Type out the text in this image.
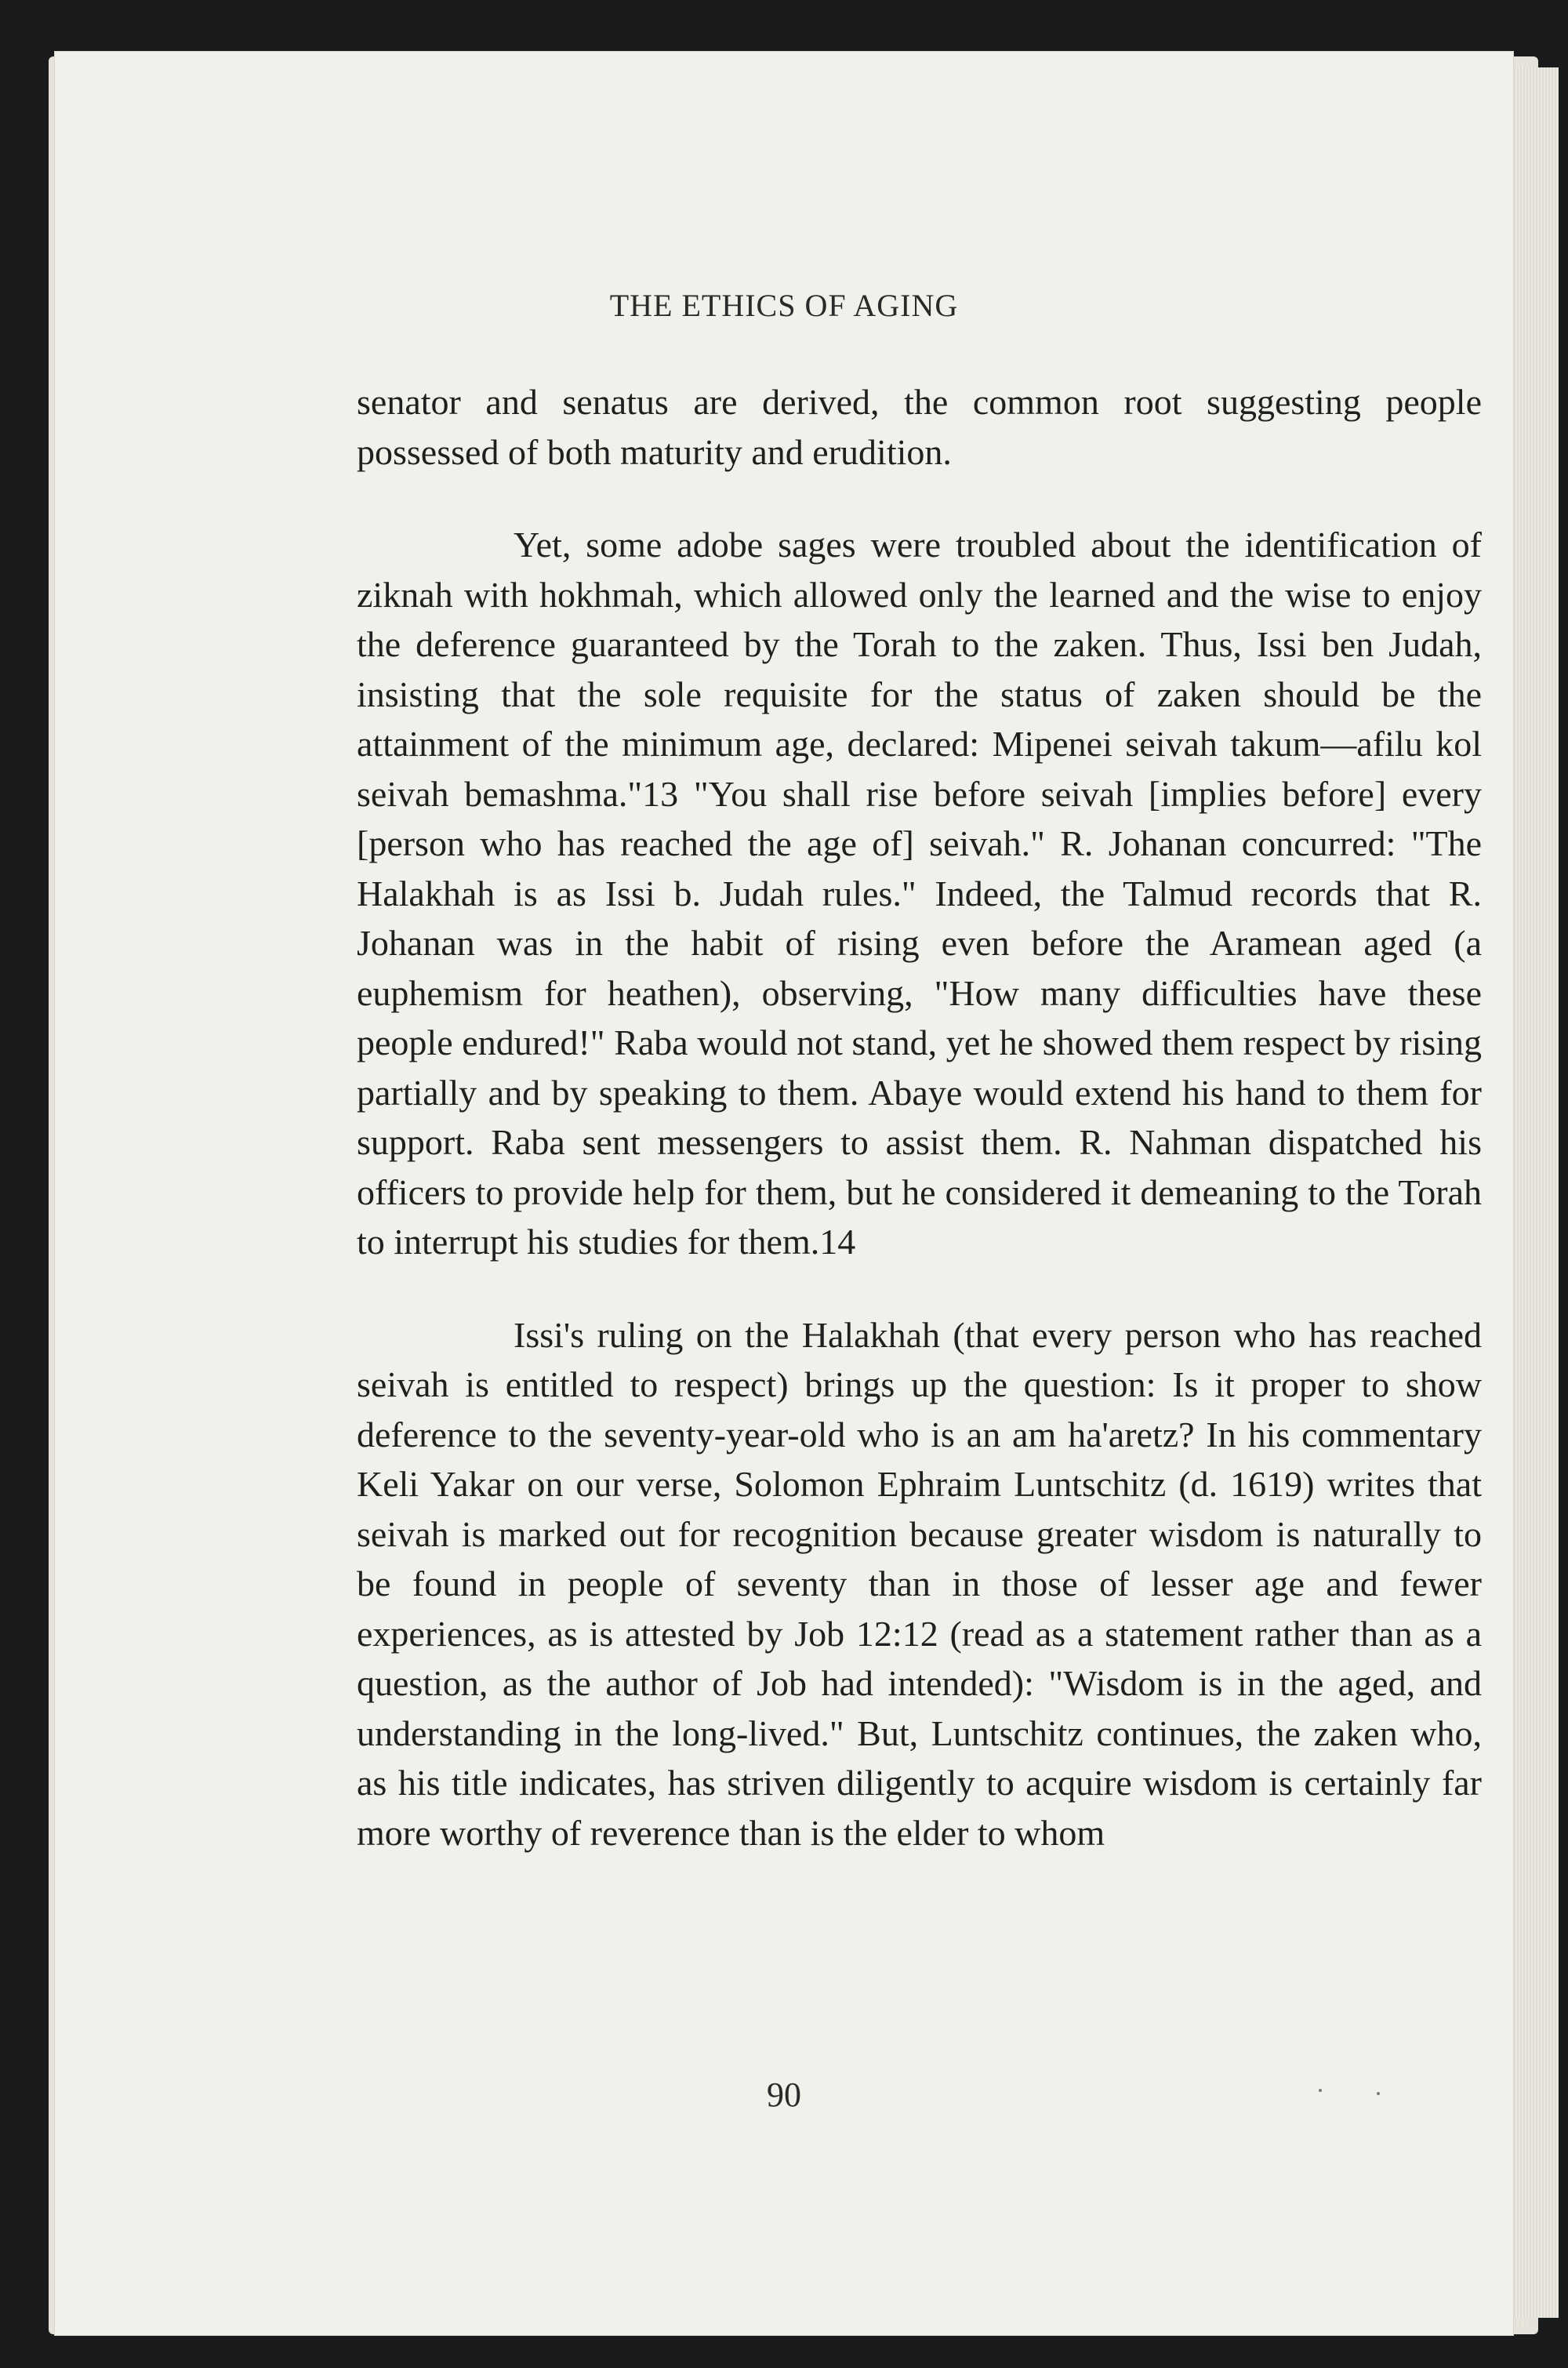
THE ETHICS OF AGING

senator and senatus are derived, the common root suggesting people possessed of both maturity and erudition.

Yet, some adobe sages were troubled about the identification of ziknah with hokhmah, which allowed only the learned and the wise to enjoy the deference guaranteed by the Torah to the zaken. Thus, Issi ben Judah, insisting that the sole requisite for the status of zaken should be the attainment of the minimum age, declared: Mipenei seivah takum—afilu kol seivah bemashma."13 "You shall rise before seivah [implies before] every [person who has reached the age of] seivah." R. Johanan concurred: "The Halakhah is as Issi b. Judah rules." Indeed, the Talmud records that R. Johanan was in the habit of rising even before the Aramean aged (a euphemism for heathen), observing, "How many difficulties have these people endured!" Raba would not stand, yet he showed them respect by rising partially and by speaking to them. Abaye would extend his hand to them for support. Raba sent messengers to assist them. R. Nahman dispatched his officers to provide help for them, but he considered it demeaning to the Torah to interrupt his studies for them.14

Issi's ruling on the Halakhah (that every person who has reached seivah is entitled to respect) brings up the question: Is it proper to show deference to the seventy-year-old who is an am ha'aretz? In his commentary Keli Yakar on our verse, Solomon Ephraim Luntschitz (d. 1619) writes that seivah is marked out for recognition because greater wisdom is naturally to be found in people of seventy than in those of lesser age and fewer experiences, as is attested by Job 12:12 (read as a statement rather than as a question, as the author of Job had intended): "Wisdom is in the aged, and understanding in the long-lived." But, Luntschitz continues, the zaken who, as his title indicates, has striven diligently to acquire wisdom is certainly far more worthy of reverence than is the elder to whom

90
